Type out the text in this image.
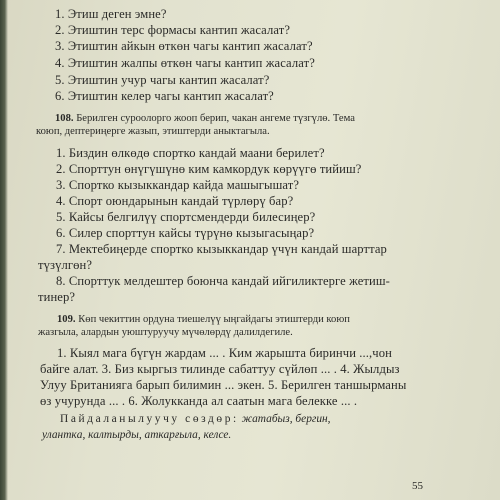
1. Этиш деген эмне?
2. Этиштин терс формасы кантип жасалат?
3. Этиштин айкын өткөн чагы кантип жасалат?
4. Этиштин жалпы өткөн чагы кантип жасалат?
5. Этиштин учур чагы кантип жасалат?
6. Этиштин келер чагы кантип жасалат?
108. Берилген суроолорго жооп берип, чакан ангеме түзгүлө. Тема
коюп, дептериңерге жазып, этиштерди аныктагыла.
1. Биздин өлкөдө спортко кандай маани берилет?
2. Спорттун өнүгүшүнө ким камкордук көрүүгө тийиш?
3. Спортко кызыккандар кайда машыгышат?
4. Спорт оюндарынын кандай түрлөрү бар?
5. Кайсы белгилүү спортсмендерди билесиңер?
6. Силер спорттун кайсы түрүнө кызыгасыңар?
7. Мектебиңерде спортко кызыккандар үчүн кандай шарттар
түзүлгөн?
8. Спорттук мелдештер боюнча кандай ийгиликтерге жетиш-
тинер?
109. Көп чекиттин ордуна тиешелүү ыңгайдагы этиштерди коюп
жазгыла, алардын уюштуруучу мүчөлөрдү далилдегиле.
1. Кыял мага бүгүн жардам ... . Ким жарышта биринчи ...,чон
байге алат. 3. Биз кыргыз тилинде сабаттуу сүйлөп ... . 4. Жылдыз
Улуу Британияга барып билимин ... экен. 5. Берилген таншырманы
өз учурунда ... . 6. Жолукканда ал саатын мага белекке ... .
Пайдаланылуучу сөздөр: жатабыз, бергин,
уланткa, калтырды, аткарғыла, келсе.
55
